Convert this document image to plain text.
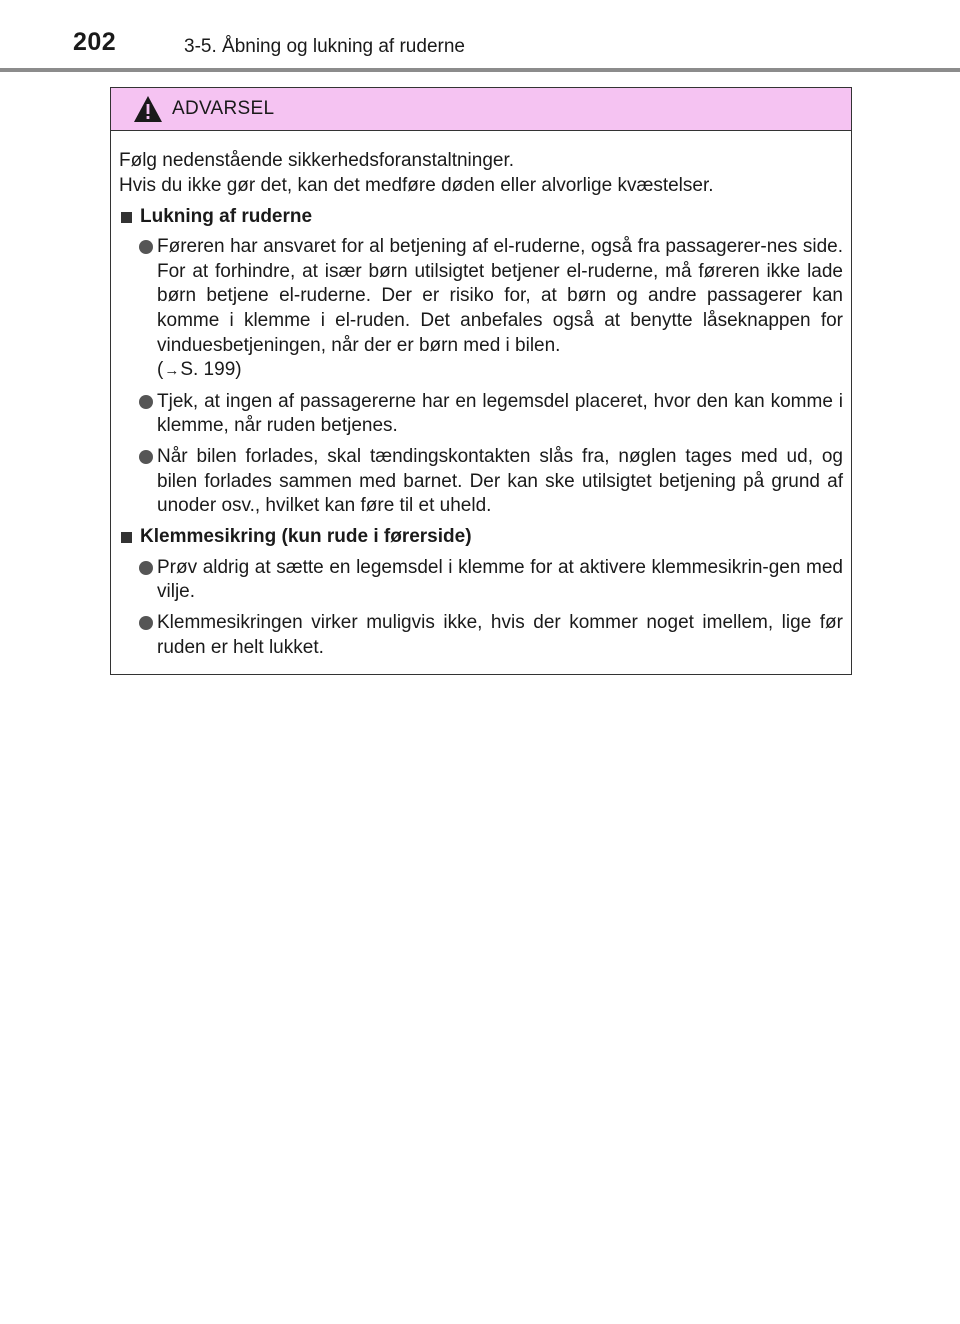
202	3-5. Åbning og lukning af ruderne
ADVARSEL

Følg nedenstående sikkerhedsforanstaltninger.

Hvis du ikke gør det, kan det medføre døden eller alvorlige kvæstelser.

Lukning af ruderne
Føreren har ansvaret for al betjening af el-ruderne, også fra passagerer-nes side. For at forhindre, at især børn utilsigtet betjener el-ruderne, må føreren ikke lade børn betjene el-ruderne. Der er risiko for, at børn og andre passagerer kan komme i klemme i el-ruden. Det anbefales også at benytte låseknappen for vinduesbetjeningen, når der er børn med i bilen.
(→S. 199)
Tjek, at ingen af passagererne har en legemsdel placeret, hvor den kan komme i klemme, når ruden betjenes.
Når bilen forlades, skal tændingskontakten slås fra, nøglen tages med ud, og bilen forlades sammen med barnet. Der kan ske utilsigtet betjening på grund af unoder osv., hvilket kan føre til et uheld.
Klemmesikring (kun rude i førerside)
Prøv aldrig at sætte en legemsdel i klemme for at aktivere klemmesikrin-gen med vilje.
Klemmesikringen virker muligvis ikke, hvis der kommer noget imellem, lige før ruden er helt lukket.
